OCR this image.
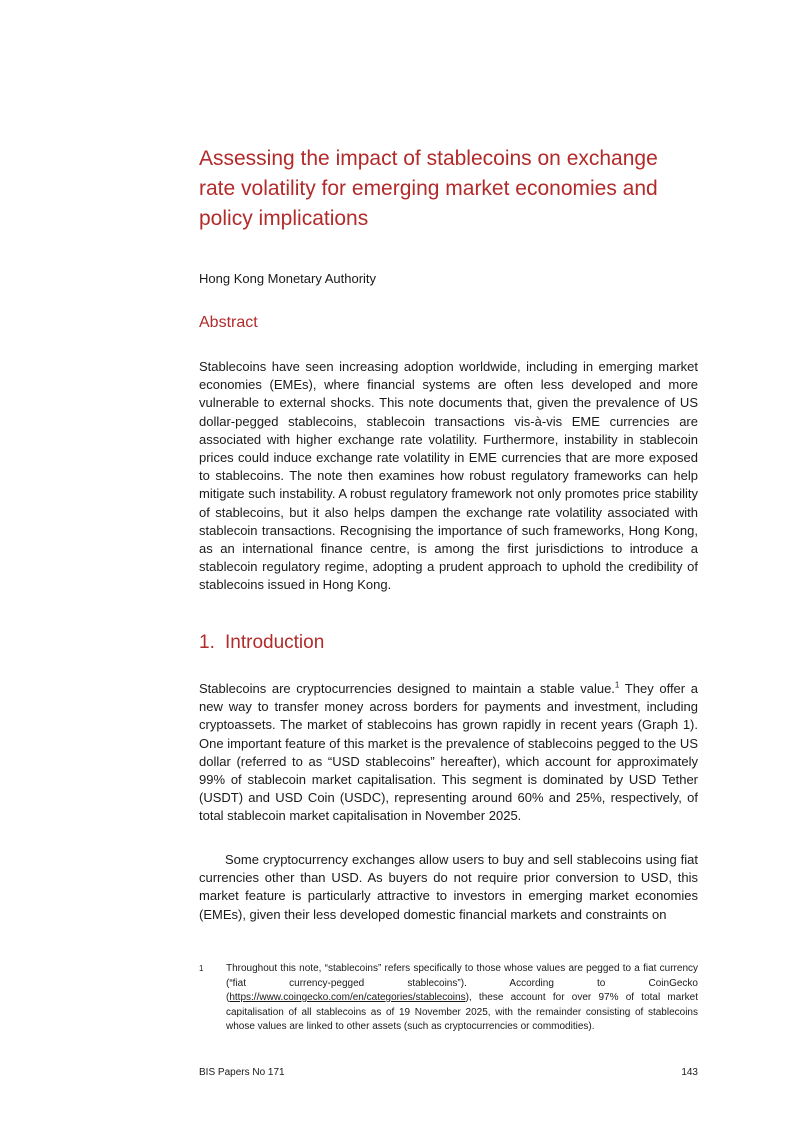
Assessing the impact of stablecoins on exchange rate volatility for emerging market economies and policy implications

Hong Kong Monetary Authority

Abstract

Stablecoins have seen increasing adoption worldwide, including in emerging market economies (EMEs), where financial systems are often less developed and more vulnerable to external shocks. This note documents that, given the prevalence of US dollar-pegged stablecoins, stablecoin transactions vis-à-vis EME currencies are associated with higher exchange rate volatility. Furthermore, instability in stablecoin prices could induce exchange rate volatility in EME currencies that are more exposed to stablecoins. The note then examines how robust regulatory frameworks can help mitigate such instability. A robust regulatory framework not only promotes price stability of stablecoins, but it also helps dampen the exchange rate volatility associated with stablecoin transactions. Recognising the importance of such frameworks, Hong Kong, as an international finance centre, is among the first jurisdictions to introduce a stablecoin regulatory regime, adopting a prudent approach to uphold the credibility of stablecoins issued in Hong Kong.

1. Introduction

Stablecoins are cryptocurrencies designed to maintain a stable value.$^1$ They offer a new way to transfer money across borders for payments and investment, including cryptoassets. The market of stablecoins has grown rapidly in recent years (Graph 1). One important feature of this market is the prevalence of stablecoins pegged to the US dollar (referred to as “USD stablecoins” hereafter), which account for approximately 99% of stablecoin market capitalisation. This segment is dominated by USD Tether (USDT) and USD Coin (USDC), representing around 60% and 25%, respectively, of total stablecoin market capitalisation in November 2025.

Some cryptocurrency exchanges allow users to buy and sell stablecoins using fiat currencies other than USD. As buyers do not require prior conversion to USD, this market feature is particularly attractive to investors in emerging market economies (EMEs), given their less developed domestic financial markets and constraints on

1 Throughout this note, “stablecoins” refers specifically to those whose values are pegged to a fiat currency (“fiat currency-pegged stablecoins”). According to CoinGecko (https://www.coingecko.com/en/categories/stablecoins), these account for over 97% of total market capitalisation of all stablecoins as of 19 November 2025, with the remainder consisting of stablecoins whose values are linked to other assets (such as cryptocurrencies or commodities).

BIS Papers No 171	143
